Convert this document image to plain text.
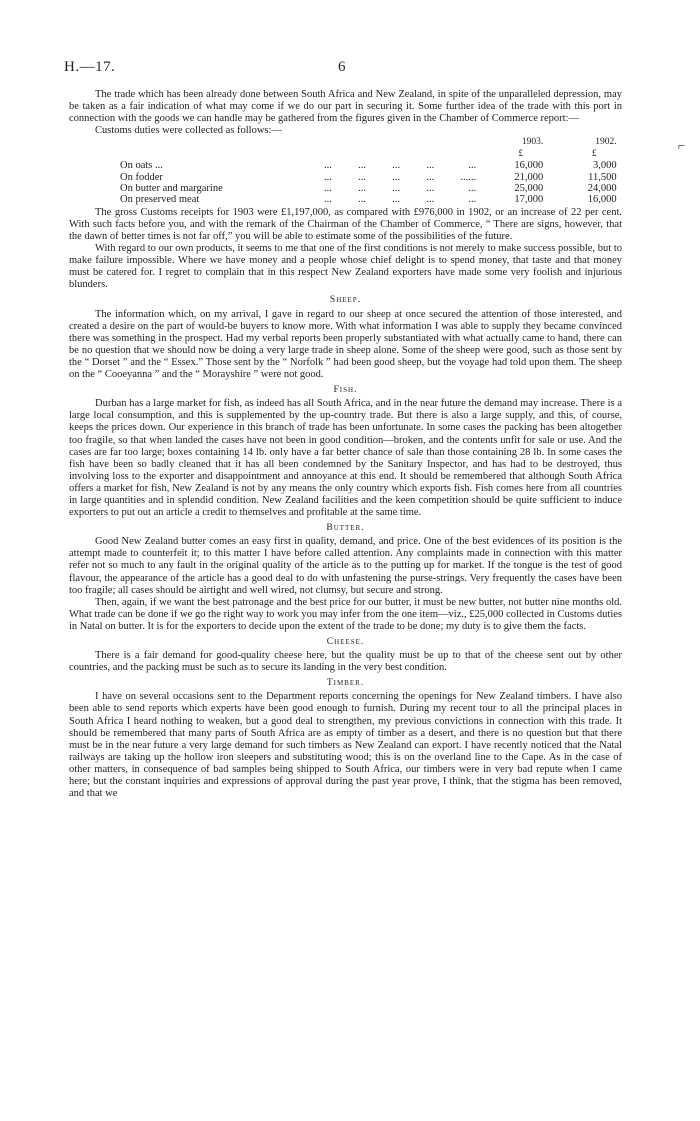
H.—17.	6
⌐

The trade which has been already done between South Africa and New Zealand, in spite of the unparalleled depression, may be taken as a fair indication of what may come if we do our part in securing it. Some further idea of the trade with this port in connection with the goods we can handle may be gathered from the figures given in the Chamber of Commerce report:—

Customs duties were collected as follows:—

			1903.	1902.	
			£	£	
On oats ...	...          ...          ...          ...	...	16,000	3,000	
On fodder	...          ...          ...          ...          ...	...	21,000	11,500	
On butter and margarine	...          ...          ...          ...	...	25,000	24,000	
On preserved meat	...          ...          ...          ...	...	17,000	16,000	

The gross Customs receipts for 1903 were £1,197,000, as compared with £976,000 in 1902, or an increase of 22 per cent. With such facts before you, and with the remark of the Chairman of the Chamber of Commerce, “ There are signs, however, that the dawn of better times is not far off,” you will be able to estimate some of the possibilities of the future.

With regard to our own products, it seems to me that one of the first conditions is not merely to make success possible, but to make failure impossible. Where we have money and a people whose chief delight is to spend money, that taste and that money must be catered for. I regret to complain that in this respect New Zealand exporters have made some very foolish and injurious blunders.

Sheep.

The information which, on my arrival, I gave in regard to our sheep at once secured the attention of those interested, and created a desire on the part of would-be buyers to know more. With what information I was able to supply they became convinced there was something in the prospect. Had my verbal reports been properly substantiated with what actually came to hand, there can be no question that we should now be doing a very large trade in sheep alone. Some of the sheep were good, such as those sent by the “ Dorset ” and the “ Essex.” Those sent by the “ Norfolk ” had been good sheep, but the voyage had told upon them. The sheep on the “ Cooeyanna ” and the “ Morayshire ” were not good.

Fish.

Durban has a large market for fish, as indeed has all South Africa, and in the near future the demand may increase. There is a large local consumption, and this is supplemented by the up-country trade. But there is also a large supply, and this, of course, keeps the prices down. Our experience in this branch of trade has been unfortunate. In some cases the packing has been altogether too fragile, so that when landed the cases have not been in good condition—broken, and the contents unfit for sale or use. And the cases are far too large; boxes containing 14 lb. only have a far better chance of sale than those containing 28 lb. In some cases the fish have been so badly cleaned that it has all been condemned by the Sanitary Inspector, and has had to be destroyed, thus involving loss to the exporter and disappointment and annoyance at this end. It should be remembered that although South Africa offers a market for fish, New Zealand is not by any means the only country which exports fish. Fish comes here from all countries in large quantities and in splendid condition. New Zealand facilities and the keen competition should be quite sufficient to induce exporters to put out an article a credit to themselves and profitable at the same time.

Butter.

Good New Zealand butter comes an easy first in quality, demand, and price. One of the best evidences of its position is the attempt made to counterfeit it; to this matter I have before called attention. Any complaints made in connection with this matter refer not so much to any fault in the original quality of the article as to the putting up for market. If the tongue is the test of good flavour, the appearance of the article has a good deal to do with unfastening the purse-strings. Very frequently the cases have been too fragile; all cases should be airtight and well wired, not clumsy, but secure and strong.

Then, again, if we want the best patronage and the best price for our butter, it must be new butter, not butter nine months old. What trade can be done if we go the right way to work you may infer from the one item—viz., £25,000 collected in Customs duties in Natal on butter. It is for the exporters to decide upon the extent of the trade to be done; my duty is to give them the facts.

Cheese.

There is a fair demand for good-quality cheese here, but the quality must be up to that of the cheese sent out by other countries, and the packing must be such as to secure its landing in the very best condition.

Timber.

I have on several occasions sent to the Department reports concerning the openings for New Zealand timbers. I have also been able to send reports which experts have been good enough to furnish. During my recent tour to all the principal places in South Africa I heard nothing to weaken, but a good deal to strengthen, my previous convictions in connection with this trade. It should be remembered that many parts of South Africa are as empty of timber as a desert, and there is no question but that there must be in the near future a very large demand for such timbers as New Zealand can export. I have recently noticed that the Natal railways are taking up the hollow iron sleepers and substituting wood; this is on the overland line to the Cape. As in the case of other matters, in consequence of bad samples being shipped to South Africa, our timbers were in very bad repute when I came here; but the constant inquiries and expressions of approval during the past year prove, I think, that the stigma has been removed, and that we
